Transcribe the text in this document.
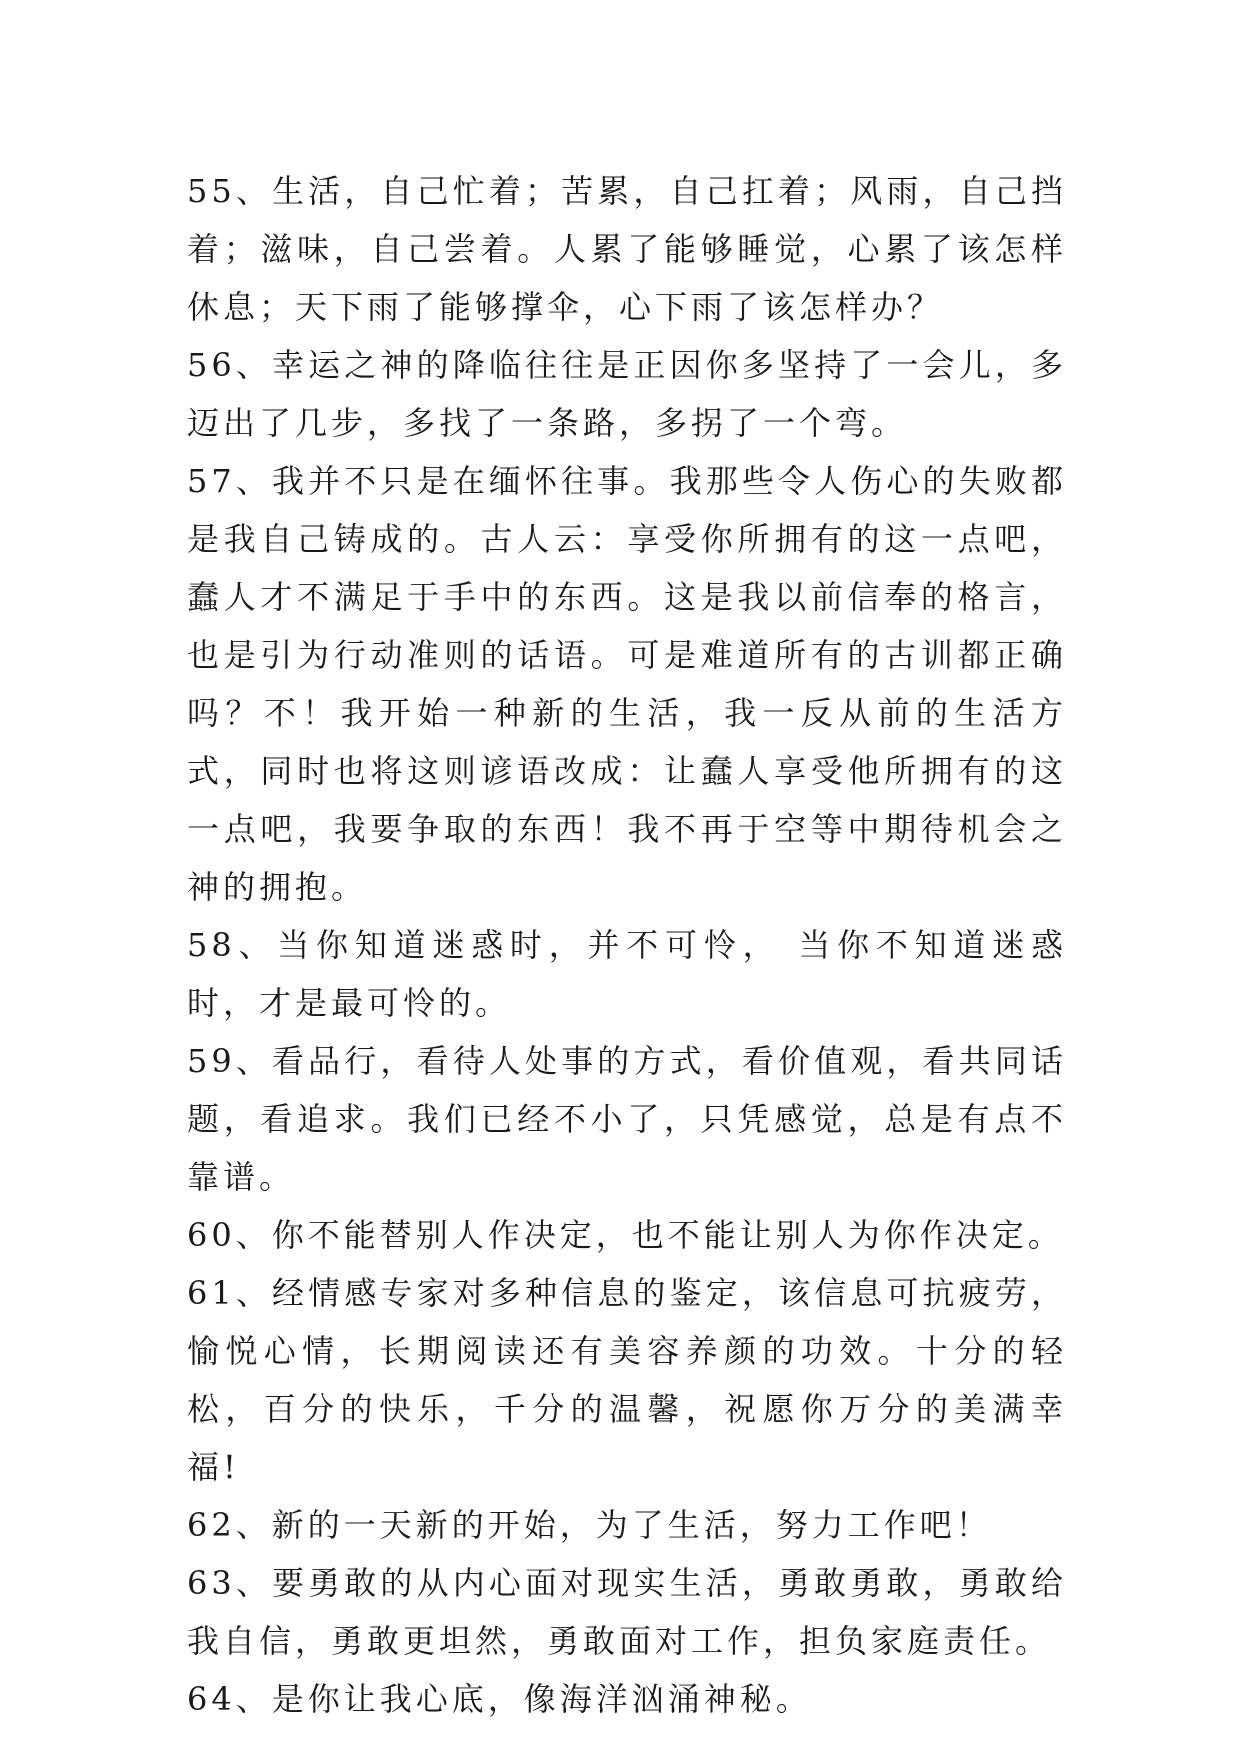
55、生活，自己忙着；苦累，自己扛着；风雨，自己挡着；滋味，自己尝着。人累了能够睡觉，心累了该怎样休息；天下雨了能够撑伞，心下雨了该怎样办？

56、幸运之神的降临往往是正因你多坚持了一会儿，多迈出了几步，多找了一条路，多拐了一个弯。

57、我并不只是在缅怀往事。我那些令人伤心的失败都是我自己铸成的。古人云：享受你所拥有的这一点吧，蠢人才不满足于手中的东西。这是我以前信奉的格言，也是引为行动准则的话语。可是难道所有的古训都正确吗？不！我开始一种新的生活，我一反从前的生活方式，同时也将这则谚语改成：让蠢人享受他所拥有的这一点吧，我要争取的东西！我不再于空等中期待机会之神的拥抱。

58、当你知道迷惑时，并不可怜， 当你不知道迷惑时，才是最可怜的。

59、看品行，看待人处事的方式，看价值观，看共同话题，看追求。我们已经不小了，只凭感觉，总是有点不靠谱。

60、你不能替别人作决定，也不能让别人为你作决定。

61、经情感专家对多种信息的鉴定，该信息可抗疲劳，愉悦心情，长期阅读还有美容养颜的功效。十分的轻松，百分的快乐，千分的温馨，祝愿你万分的美满幸福!

62、新的一天新的开始，为了生活，努力工作吧！

63、要勇敢的从内心面对现实生活，勇敢勇敢，勇敢给我自信，勇敢更坦然，勇敢面对工作，担负家庭责任。

64、是你让我心底，像海洋汹涌神秘。
